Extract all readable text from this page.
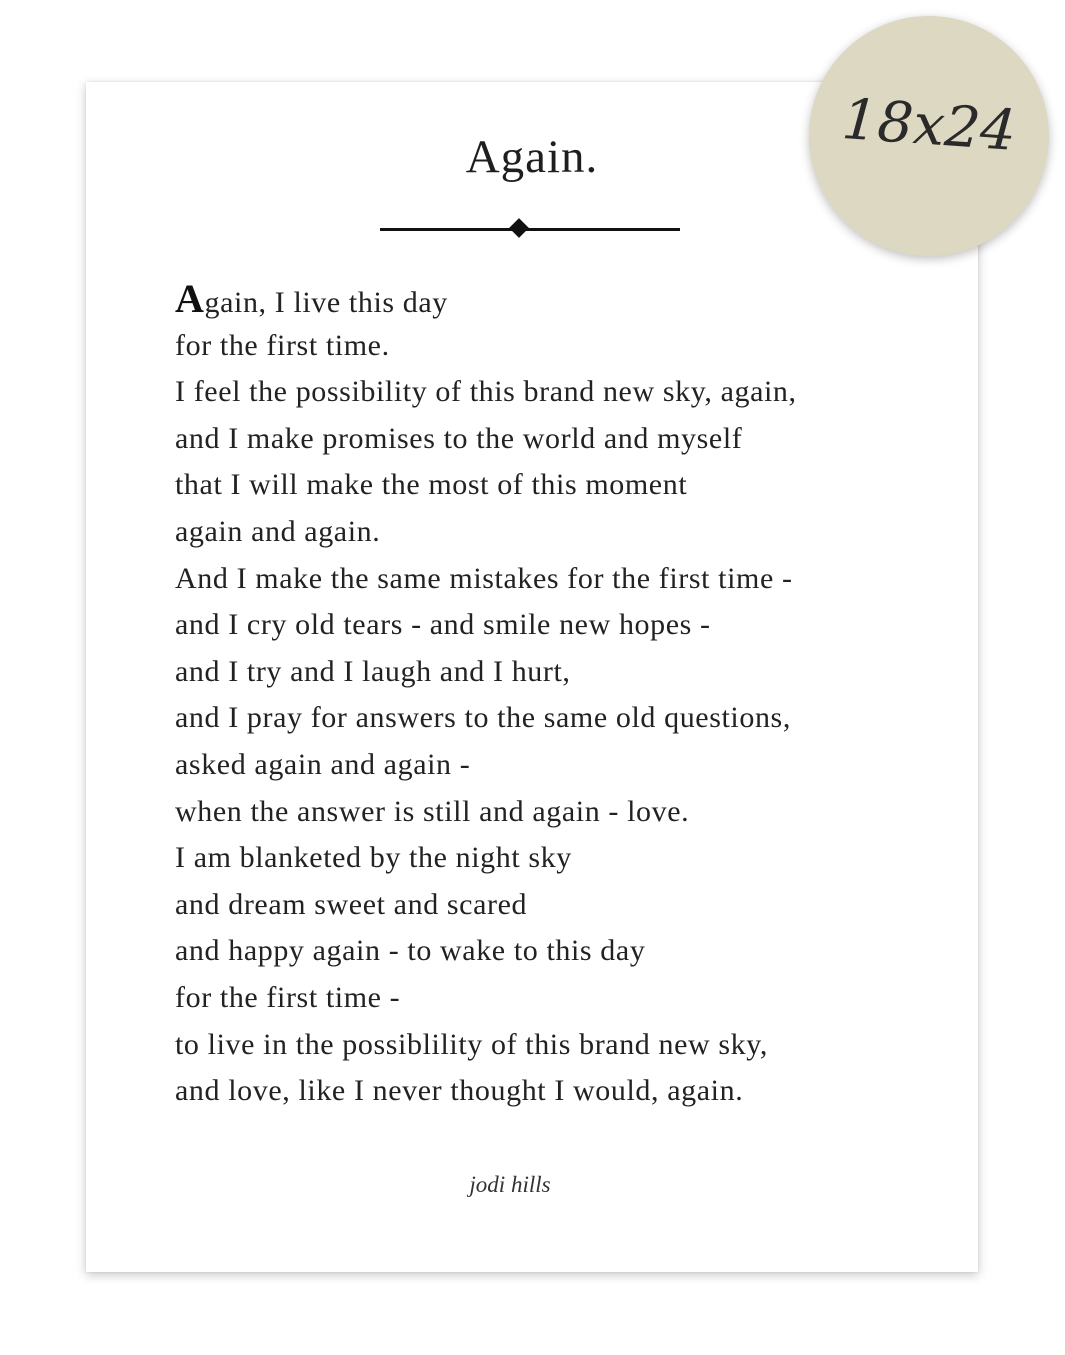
Again.
Again, I live this day
for the first time.
I feel the possibility of this brand new sky, again,
and I make promises to the world and myself
that I will make the most of this moment
again and again.
And I make the same mistakes for the first time -
and I cry old tears - and smile new hopes -
and I try and I laugh and I hurt,
and I pray for answers to the same old questions,
asked again and again -
when the answer is still and again - love.
I am blanketed by the night sky
and dream sweet and scared
and happy again - to wake to this day
for the first time -
to live in the possiblility of this brand new sky,
and love, like I never thought I would, again.
jodi hills
18x24
